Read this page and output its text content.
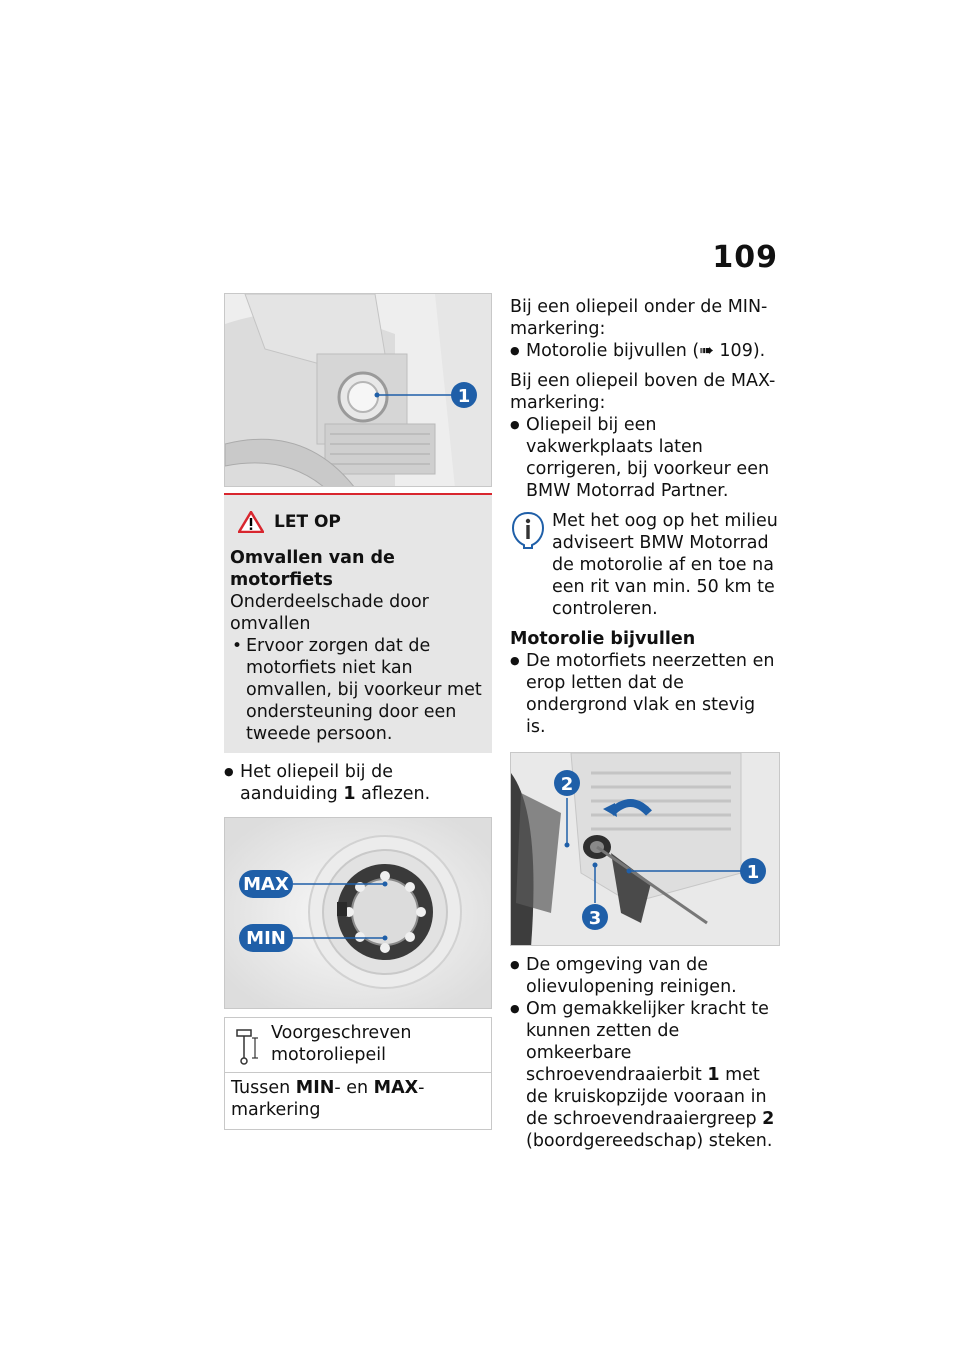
109
1
LET OP
Omvallen van de motorfiets
Onderdeelschade door omvallen
• Ervoor zorgen dat de motorfiets niet kan omvallen, bij voorkeur met ondersteuning door een tweede persoon.
● Het oliepeil bij de aanduiding 1 aflezen.
MAX
MIN
Voorgeschreven motoroliepeil
Tussen MIN- en MAX-markering

Bij een oliepeil onder de MIN-markering:

● Motorolie bijvullen (➠ 109).

Bij een oliepeil boven de MAX-markering:

● Oliepeil bij een vakwerkplaats laten corrigeren, bij voorkeur een BMW Motorrad Partner.
Met het oog op het milieu adviseert BMW Motorrad de motorolie af en toe na een rit van min. 50 km te controleren.
Motorolie bijvullen
● De motorfiets neerzetten en erop letten dat de ondergrond vlak en stevig is.
2
1
3
● De omgeving van de olievulopening reinigen.
● Om gemakkelijker kracht te kunnen zetten de omkeerbare schroevendraaierbit 1 met de kruiskopzijde vooraan in de schroevendraaiergreep 2 (boordgereedschap) steken.
